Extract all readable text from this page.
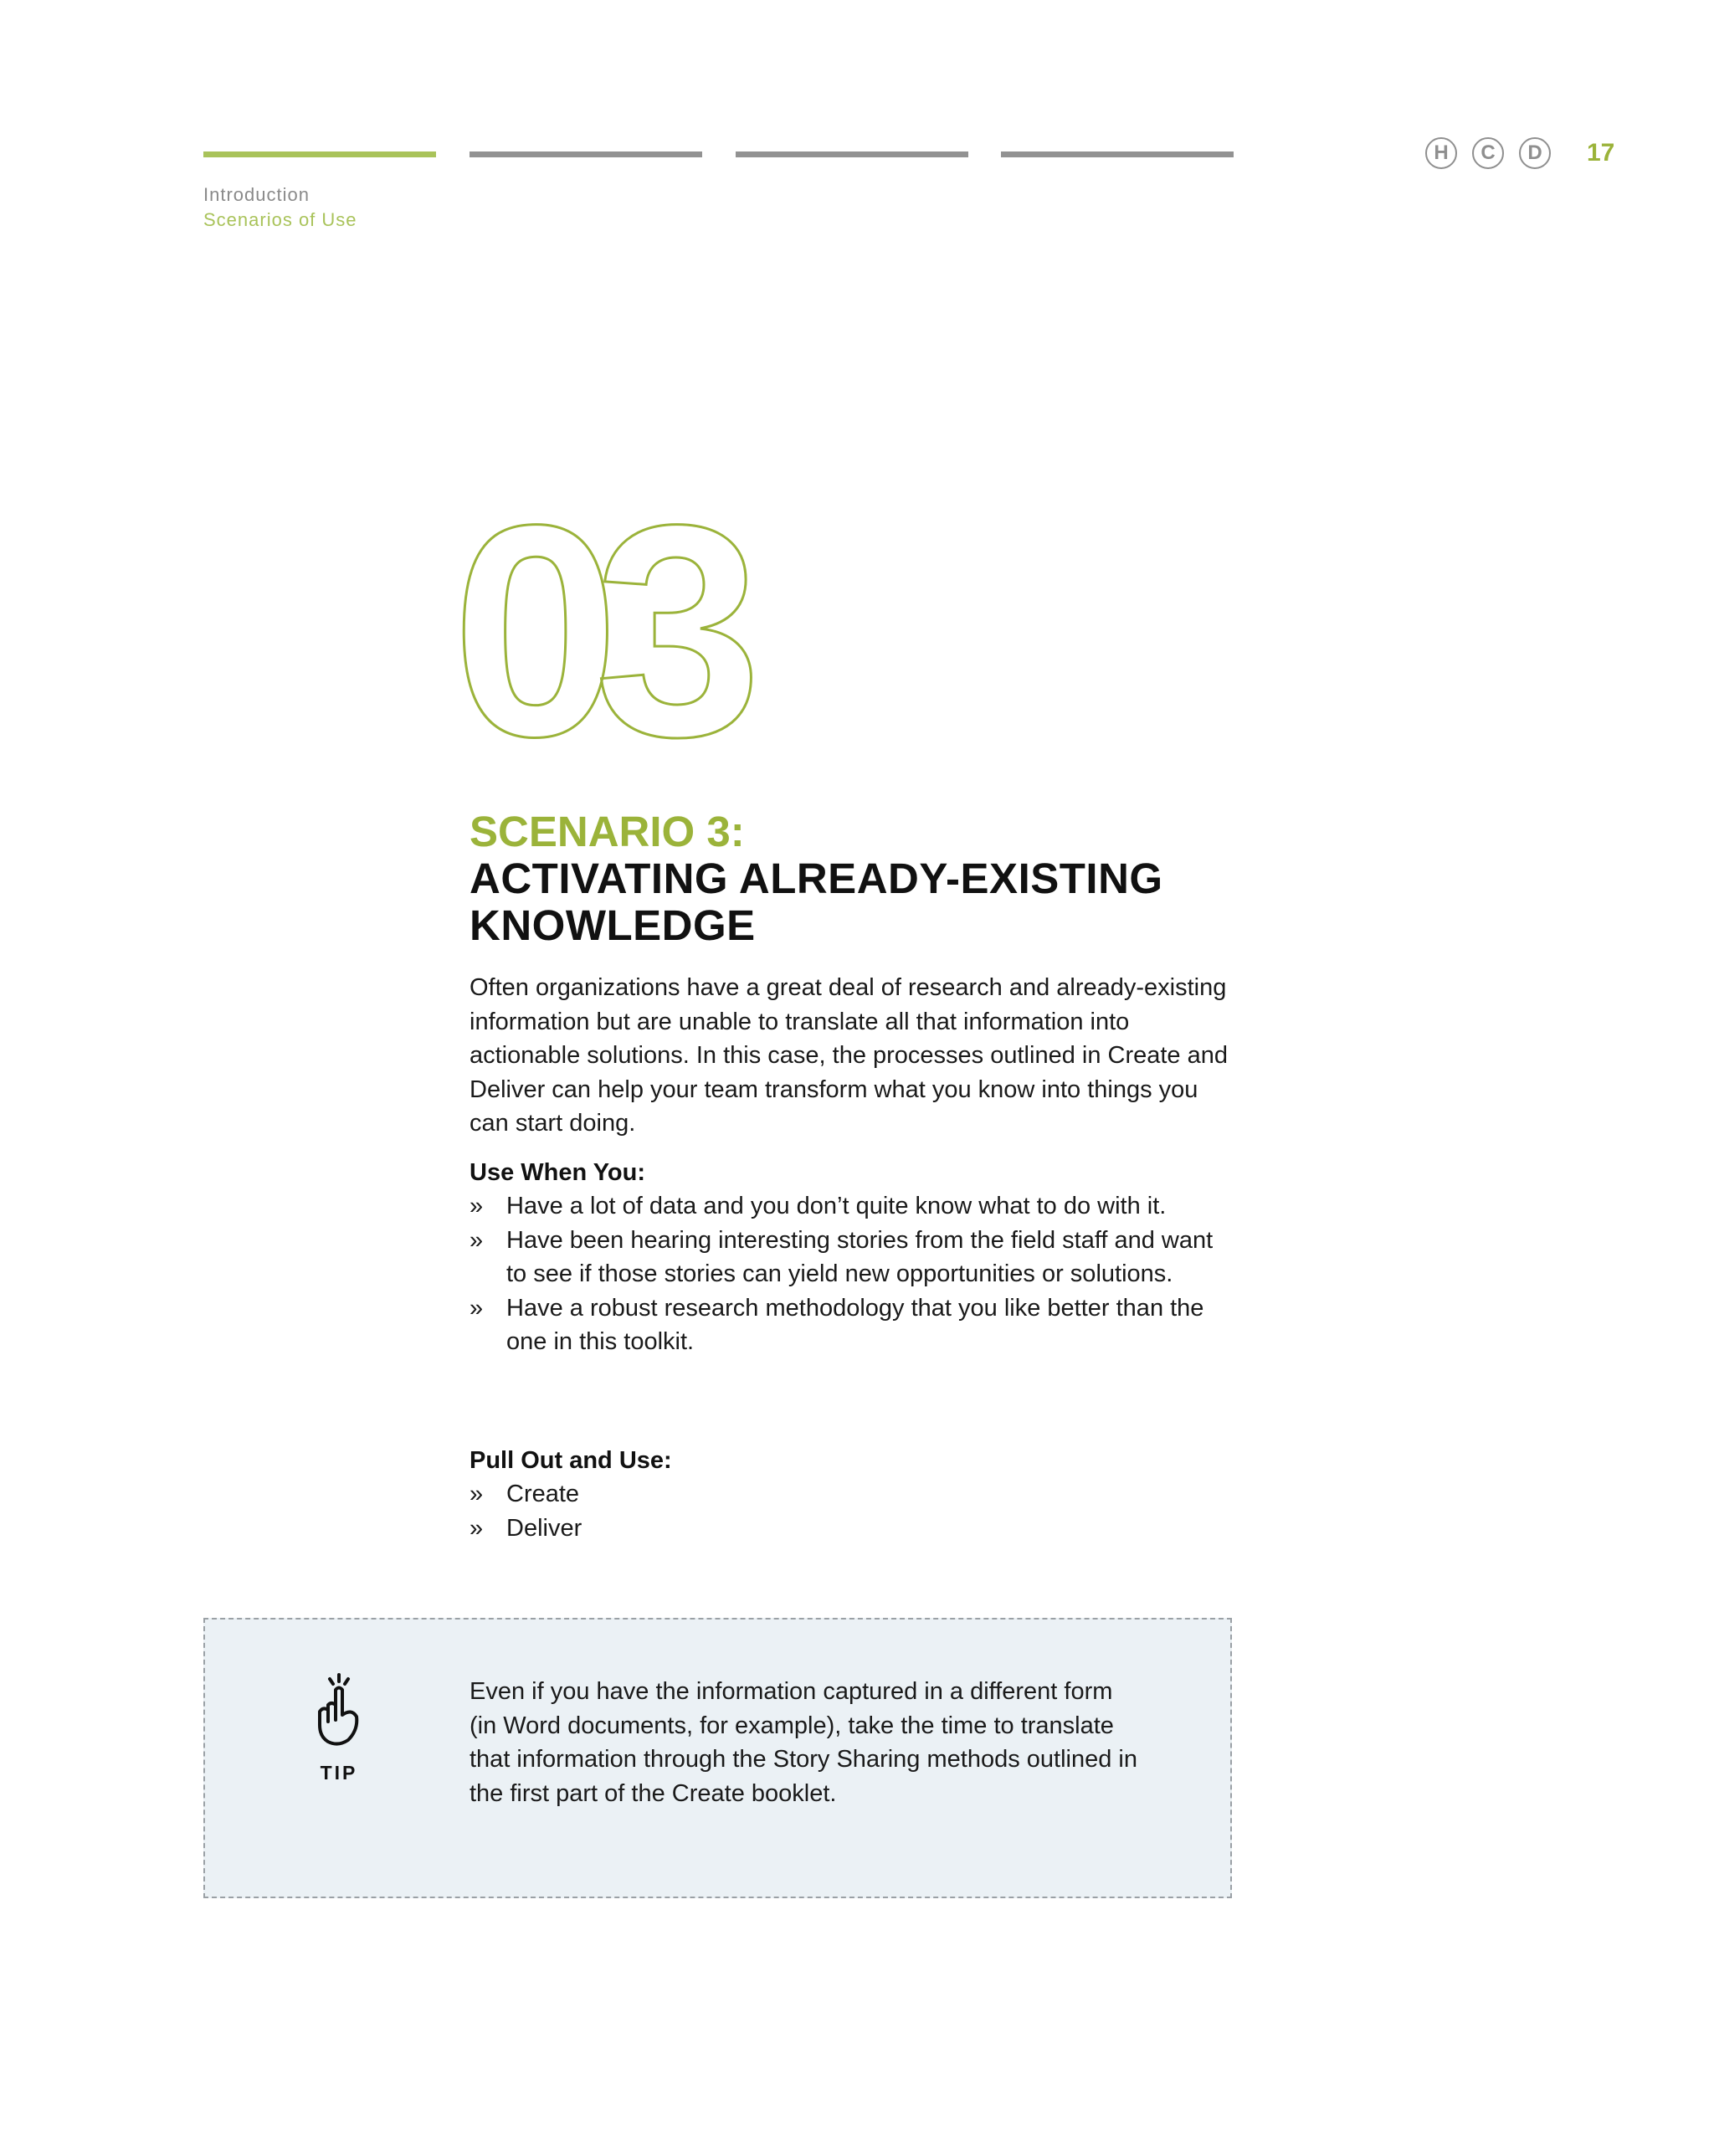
Introduction
Scenarios of Use
H	C	D	17
03
SCENARIO 3:
ACTIVATING ALREADY-EXISTING KNOWLEDGE

Often organizations have a great deal of research and already-existing information but are unable to translate all that information into actionable solutions. In this case, the processes outlined in Create and Deliver can help your team transform what you know into things you can start doing.

Use When You:
» Have a lot of data and you don’t quite know what to do with it.
» Have been hearing interesting stories from the field staff and want to see if those stories can yield new opportunities or solutions.
» Have a robust research methodology that you like better than the one in this toolkit.
Pull Out and Use:
» Create
» Deliver
TIP

Even if you have the information captured in a different form (in Word documents, for example), take the time to translate that information through the Story Sharing methods outlined in the first part of the Create booklet.
